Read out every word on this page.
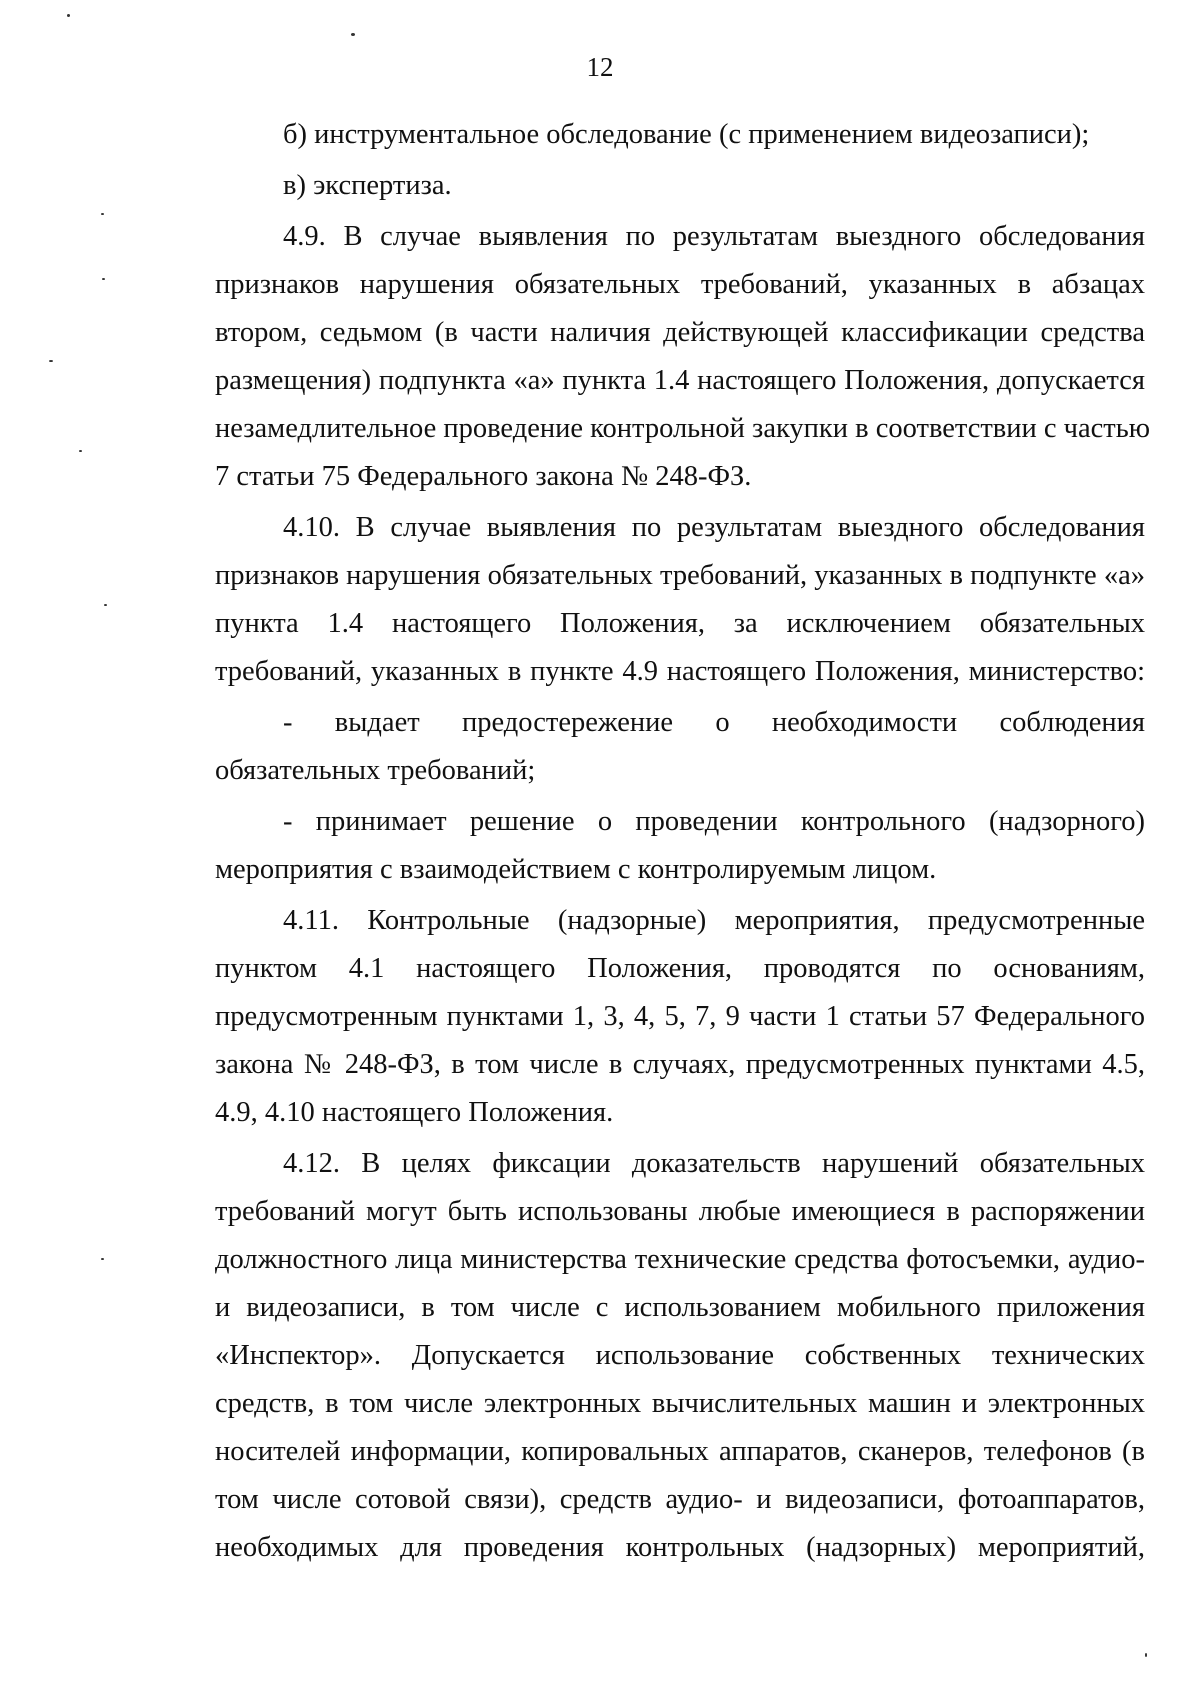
12
б) инструментальное обследование (с применением видеозаписи);
в) экспертиза.
4.9. В случае выявления по результатам выездного обследования
признаков нарушения обязательных требований, указанных в абзацах
втором, седьмом (в части наличия действующей классификации средства
размещения) подпункта «а» пункта 1.4 настоящего Положения, допускается
незамедлительное проведение контрольной закупки в соответствии с частью
7 статьи 75 Федерального закона № 248-ФЗ.
4.10. В случае выявления по результатам выездного обследования
признаков нарушения обязательных требований, указанных в подпункте «а»
пункта 1.4 настоящего Положения, за исключением обязательных
требований, указанных в пункте 4.9 настоящего Положения, министерство:
- выдает предостережение о необходимости соблюдения
обязательных требований;
- принимает решение о проведении контрольного (надзорного)
мероприятия с взаимодействием с контролируемым лицом.
4.11. Контрольные (надзорные) мероприятия, предусмотренные
пунктом 4.1 настоящего Положения, проводятся по основаниям,
предусмотренным пунктами 1, 3, 4, 5, 7, 9 части 1 статьи 57 Федерального
закона № 248-ФЗ, в том числе в случаях, предусмотренных пунктами 4.5,
4.9, 4.10 настоящего Положения.
4.12. В целях фиксации доказательств нарушений обязательных
требований могут быть использованы любые имеющиеся в распоряжении
должностного лица министерства технические средства фотосъемки, аудио-
и видеозаписи, в том числе с использованием мобильного приложения
«Инспектор». Допускается использование собственных технических
средств, в том числе электронных вычислительных машин и электронных
носителей информации, копировальных аппаратов, сканеров, телефонов (в
том числе сотовой связи), средств аудио- и видеозаписи, фотоаппаратов,
необходимых для проведения контрольных (надзорных) мероприятий,
